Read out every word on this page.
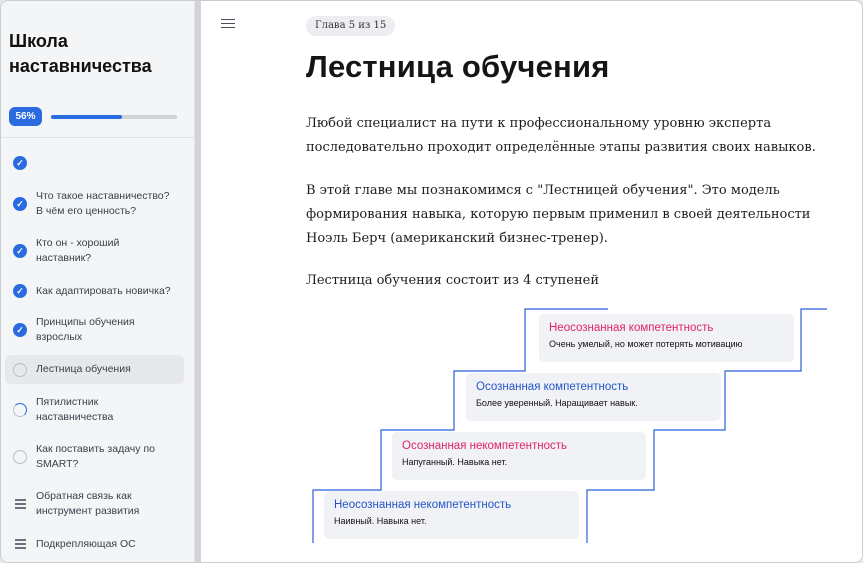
Школа наставничества
56%
✓
✓
Что такое наставничество? В чём его ценность?
✓
Кто он - хороший наставник?
✓	Как адаптировать новичка?
✓
Принципы обучения взрослых
Лестница обучения
Пятилистник наставничества
Как поставить задачу по SMART?
Обратная связь как инструмент развития
Подкрепляющая ОС
Глава 5 из 15
Лестница обучения

Любой специалист на пути к профессиональному уровню эксперта последовательно проходит определённые этапы развития своих навыков.

В этой главе мы познакомимся с "Лестницей обучения". Это модель формирования навыка, которую первым применил в своей деятельности Ноэль Берч (американский бизнес-тренер).

Лестница обучения состоит из 4 ступеней

Неосознанная некомпетентность
Наивный. Навыка нет.
Осознанная некомпетентность
Напуганный. Навыка нет.
Осознанная компетентность
Более уверенный. Наращивает навык.
Неосознанная компетентность
Очень умелый, но может потерять мотивацию
